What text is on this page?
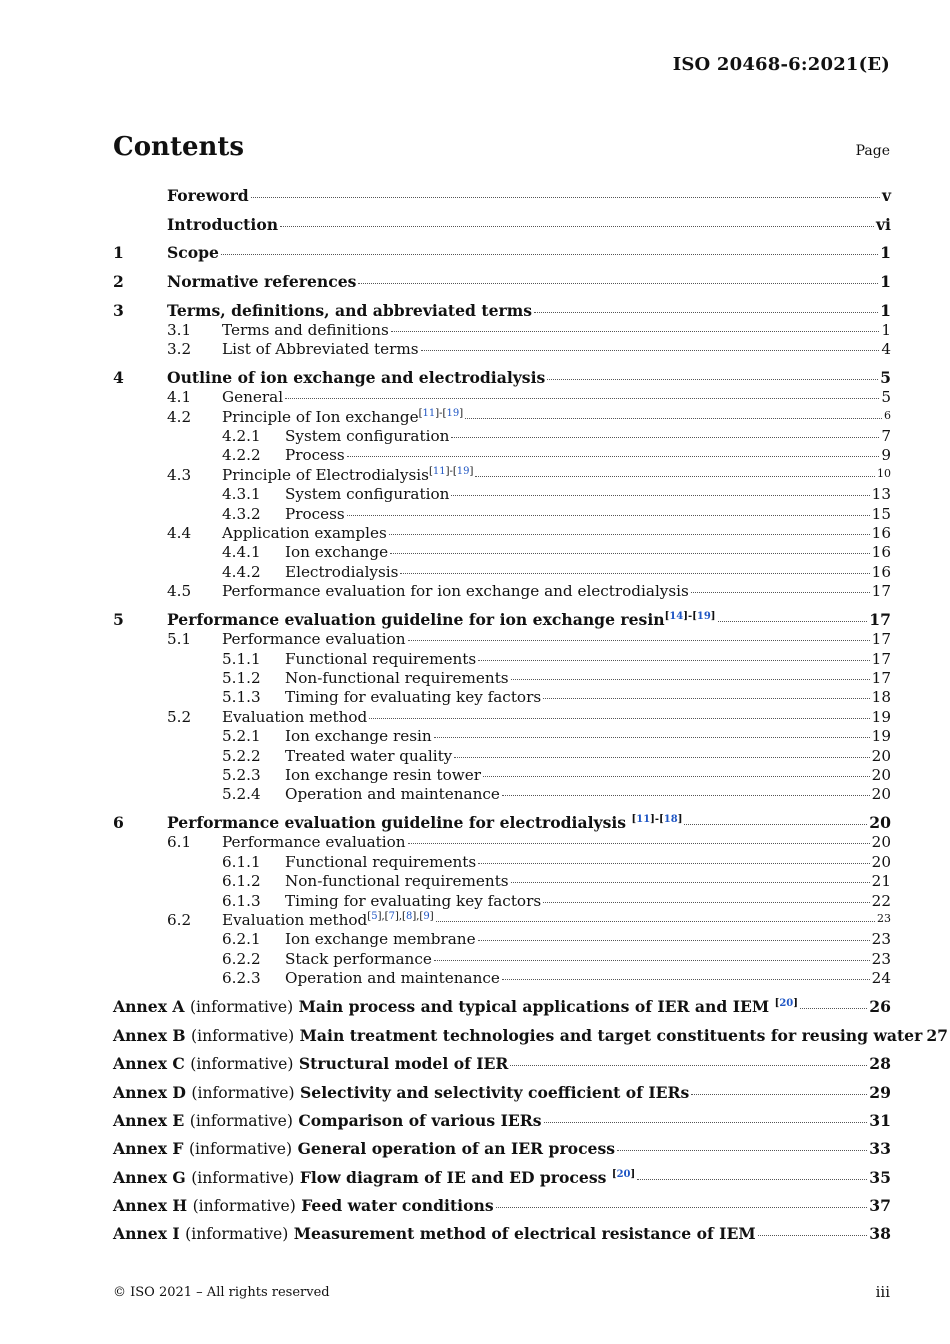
ISO 20468-6:2021(E)
Contents	Page
Foreword	v
Introduction	vi
1	Scope	1
2	Normative references	1
3	Terms, definitions, and abbreviated terms	1
3.1	Terms and definitions	1
3.2	List of Abbreviated terms	4
4	Outline of ion exchange and electrodialysis	5
4.1	General	5
4.2	Principle of Ion exchange[11]-[19]	6
4.2.1	System configuration	7
4.2.2	Process	9
4.3	Principle of Electrodialysis[11]-[19]	10
4.3.1	System configuration	13
4.3.2	Process	15
4.4	Application examples	16
4.4.1	Ion exchange	16
4.4.2	Electrodialysis	16
4.5	Performance evaluation for ion exchange and electrodialysis	17
5	Performance evaluation guideline for ion exchange resin[14]-[19]	17
5.1	Performance evaluation	17
5.1.1	Functional requirements	17
5.1.2	Non-functional requirements	17
5.1.3	Timing for evaluating key factors	18
5.2	Evaluation method	19
5.2.1	Ion exchange resin	19
5.2.2	Treated water quality	20
5.2.3	Ion exchange resin tower	20
5.2.4	Operation and maintenance	20
6	Performance evaluation guideline for electrodialysis [11]-[18]	20
6.1	Performance evaluation	20
6.1.1	Functional requirements	20
6.1.2	Non-functional requirements	21
6.1.3	Timing for evaluating key factors	22
6.2	Evaluation method[5],[7],[8],[9]	23
6.2.1	Ion exchange membrane	23
6.2.2	Stack performance	23
6.2.3	Operation and maintenance	24
Annex A (informative) Main process and typical applications of IER and IEM [20]	26
Annex B (informative) Main treatment technologies and target constituents for reusing water 27
Annex C (informative) Structural model of IER	28
Annex D (informative) Selectivity and selectivity coefficient of IERs	29
Annex E (informative) Comparison of various IERs	31
Annex F (informative) General operation of an IER process	33
Annex G (informative) Flow diagram of IE and ED process [20]	35
Annex H (informative) Feed water conditions	37
Annex I (informative) Measurement method of electrical resistance of IEM	38
© ISO 2021 – All rights reserved	iii
